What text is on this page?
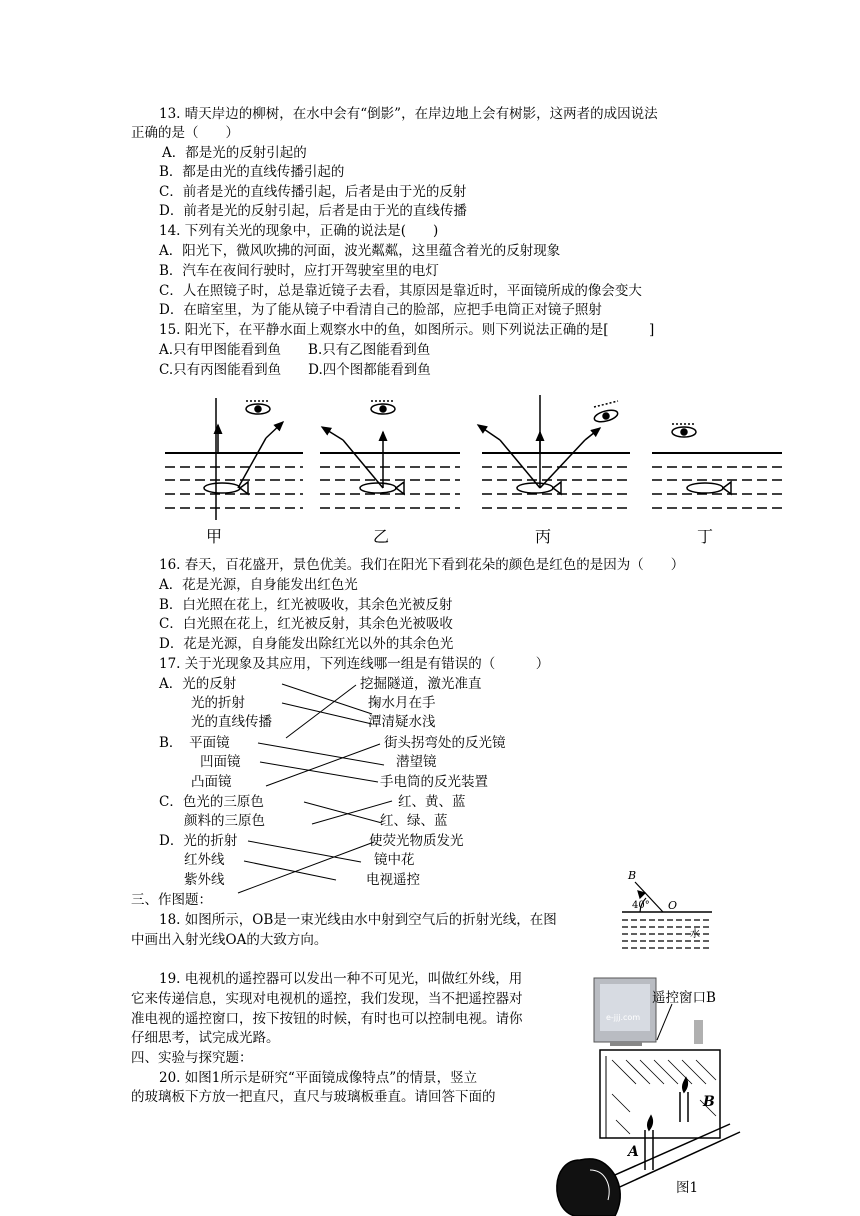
13. 晴天岸边的柳树，在水中会有“倒影”，在岸边地上会有树影，这两者的成因说法
正确的是（　　）
A．都是光的反射引起的
B．都是由光的直线传播引起的
C．前者是光的直线传播引起，后者是由于光的反射
D．前者是光的反射引起，后者是由于光的直线传播
14. 下列有关光的现象中，正确的说法是(　　)
A．阳光下，微风吹拂的河面，波光粼粼，这里蕴含着光的反射现象
B．汽车在夜间行驶时，应打开驾驶室里的电灯
C．人在照镜子时，总是靠近镜子去看，其原因是靠近时，平面镜所成的像会变大
D．在暗室里，为了能从镜子中看清自己的脸部，应把手电筒正对镜子照射
15. 阳光下，在平静水面上观察水中的鱼，如图所示。则下列说法正确的是[　　　]
A.只有甲图能看到鱼　　B.只有乙图能看到鱼
C.只有丙图能看到鱼　　D.四个图都能看到鱼
甲	乙	丙	丁
16. 春天，百花盛开，景色优美。我们在阳光下看到花朵的颜色是红色的是因为（　　）
A．花是光源，自身能发出红色光
B．白光照在花上，红光被吸收，其余色光被反射
C．白光照在花上，红光被反射，其余色光被吸收
D．花是光源，自身能发出除红光以外的其余色光
17. 关于光现象及其应用，下列连线哪一组是有错误的（　　　）
A．光的反射
光的折射
光的直线传播
挖掘隧道，激光准直
掬水月在手
潭清疑水浅
B．　平面镜
凹面镜
凸面镜
街头拐弯处的反光镜
潜望镜
手电筒的反光装置
C．色光的三原色
颜料的三原色
红、黄、蓝
红、绿、蓝
D．光的折射
红外线
紫外线
使荧光物质发光
镜中花
电视遥控
三、作图题：
18. 如图所示，OB是一束光线由水中射到空气后的折射光线，在图
中画出入射光线OA的大致方向。
B
O
40°
水
19. 电视机的遥控器可以发出一种不可见光，叫做红外线，用
它来传递信息，实现对电视机的遥控，我们发现，当不把遥控器对
准电视的遥控窗口，按下按钮的时候，有时也可以控制电视。请你
仔细思考，试完成光路。
e-jjj.com
遥控窗口B
四、实验与探究题：
20. 如图1所示是研究“平面镜成像特点”的情景，竖立
的玻璃板下方放一把直尺，直尺与玻璃板垂直。请回答下面的	B
A
图1
